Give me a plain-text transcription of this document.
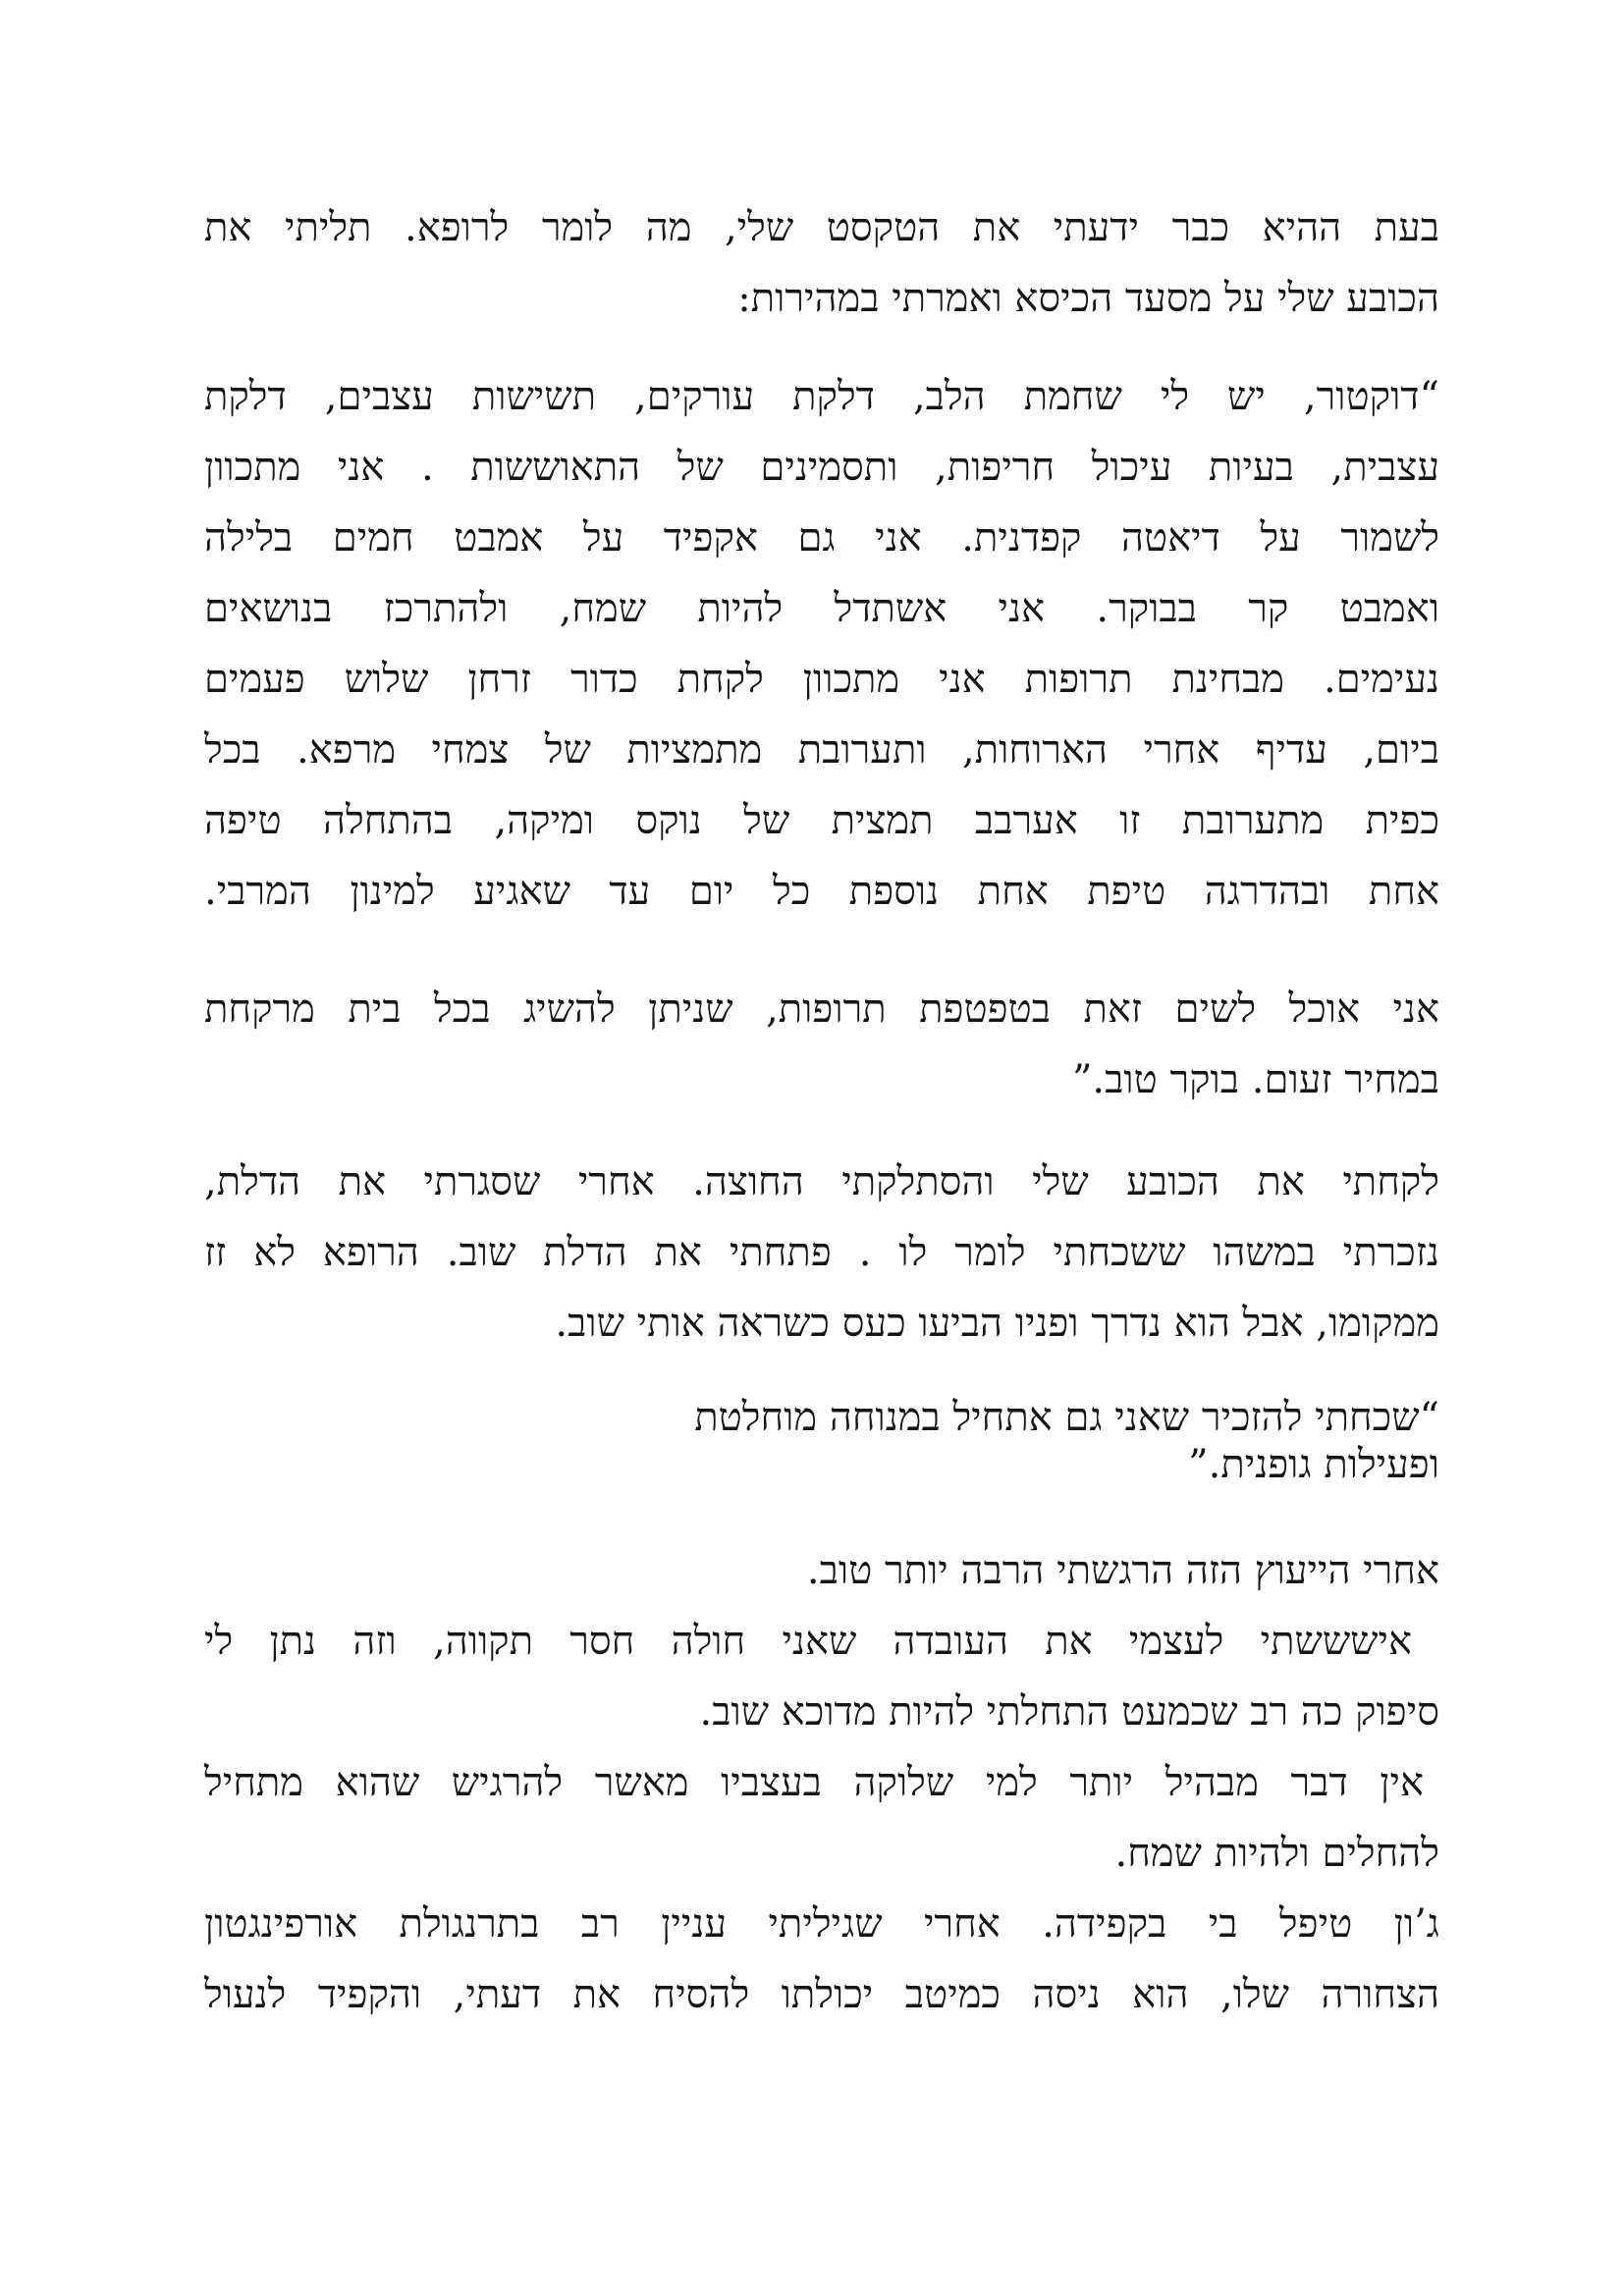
בעת ההיא כבר ידעתי את הטקסט שלי, מה לומר לרופא. תליתי את
הכובע שלי על מסעד הכיסא ואמרתי במהירות:
“דוקטור, יש לי שחמת הלב, דלקת עורקים, תשישות עצבים, דלקת
עצבית, בעיות עיכול חריפות, ותסמינים של התאוששות . אני מתכוון
לשמור על דיאטה קפדנית. אני גם אקפיד על אמבט חמים בלילה
ואמבט קר בבוקר. אני אשתדל להיות שמח, ולהתרכז בנושאים
נעימים. מבחינת תרופות אני מתכוון לקחת כדור זרחן שלוש פעמים
ביום, עדיף אחרי הארוחות, ותערובת מתמציות של צמחי מרפא. בכל
כפית מתערובת זו אערבב תמצית של נוקס ומיקה, בהתחלה טיפה
אחת ובהדרגה טיפת אחת נוספת כל יום עד שאגיע למינון המרבי.
אני אוכל לשים זאת בטפטפת תרופות, שניתן להשיג בכל בית מרקחת
במחיר זעום. בוקר טוב.”
לקחתי את הכובע שלי והסתלקתי החוצה. אחרי שסגרתי את הדלת,
נזכרתי במשהו ששכחתי לומר לו . פתחתי את הדלת שוב. הרופא לא זז
ממקומו, אבל הוא נדרך ופניו הביעו כעס כשראה אותי שוב.
“שכחתי להזכיר שאני גם אתחיל במנוחה מוחלטת
ופעילות גופנית.”
אחרי הייעוץ הזה הרגשתי הרבה יותר טוב.
אישששתי לעצמי את העובדה שאני חולה חסר תקווה, וזה נתן לי
סיפוק כה רב שכמעט התחלתי להיות מדוכא שוב.
אין דבר מבהיל יותר למי שלוקה בעצביו מאשר להרגיש שהוא מתחיל
להחלים ולהיות שמח.
ג’ון טיפל בי בקפידה. אחרי שגיליתי עניין רב בתרנגולת אורפינגטון
הצחורה שלו, הוא ניסה כמיטב יכולתו להסיח את דעתי, והקפיד לנעול
